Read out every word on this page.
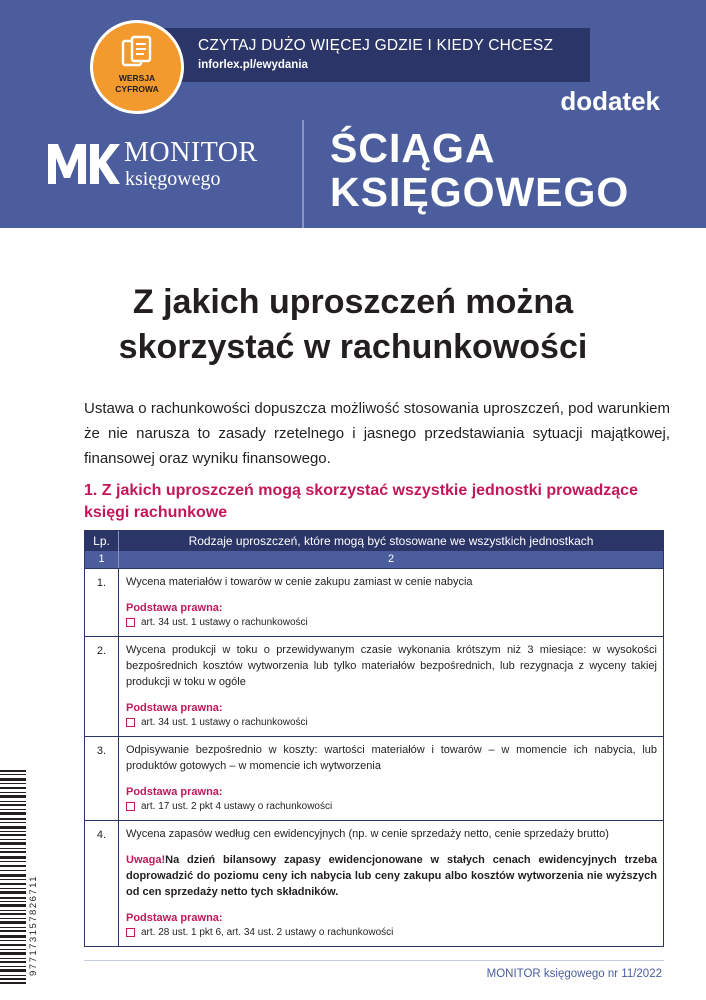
CZYTAJ DUŻO WIĘCEJ GDZIE I KIEDY CHCESZ
inforlex.pl/ewydania
WERSJA
CYFROWA	dodatek
MONITOR
księgowego
ŚCIĄGA
KSIĘGOWEGO
Z jakich uproszczeń można
skorzystać w rachunkowości

Ustawa o rachunkowości dopuszcza możliwość stosowania uproszczeń, pod warunkiem że nie narusza to zasady rzetelnego i jasnego przedstawiania sytuacji majątkowej, finansowej oraz wyniku finansowego.

1. Z jakich uproszczeń mogą skorzystać wszystkie jednostki prowadzące księgi rachunkowe
Lp.	Rodzaje uproszczeń, które mogą być stosowane we wszystkich jednostkach
1	2
1.	Wycena materiałów i towarów w cenie zakupu zamiast w cenie nabycia
Podstawa prawna:
art. 34 ust. 1 ustawy o rachunkowości
2.	Wycena produkcji w toku o przewidywanym czasie wykonania krótszym niż 3 miesiące: w wysokości bezpośrednich kosztów wytworzenia lub tylko materiałów bezpośrednich, lub rezygnacja z wyceny takiej produkcji w toku w ogóle
Podstawa prawna:
art. 34 ust. 1 ustawy o rachunkowości
3.	Odpisywanie bezpośrednio w koszty: wartości materiałów i towarów – w momencie ich nabycia, lub produktów gotowych – w momencie ich wytworzenia
Podstawa prawna:
art. 17 ust. 2 pkt 4 ustawy o rachunkowości
4.	Wycena zapasów według cen ewidencyjnych (np. w cenie sprzedaży netto, cenie sprzedaży brutto)
Uwaga!Na dzień bilansowy zapasy ewidencjonowane w stałych cenach ewidencyjnych trzeba doprowadzić do poziomu ceny ich nabycia lub ceny zakupu albo kosztów wytworzenia nie wyższych od cen sprzedaży netto tych składników.
Podstawa prawna:
art. 28 ust. 1 pkt 6, art. 34 ust. 2 ustawy o rachunkowości
977173157826711	MONITOR księgowego nr 11/2022
